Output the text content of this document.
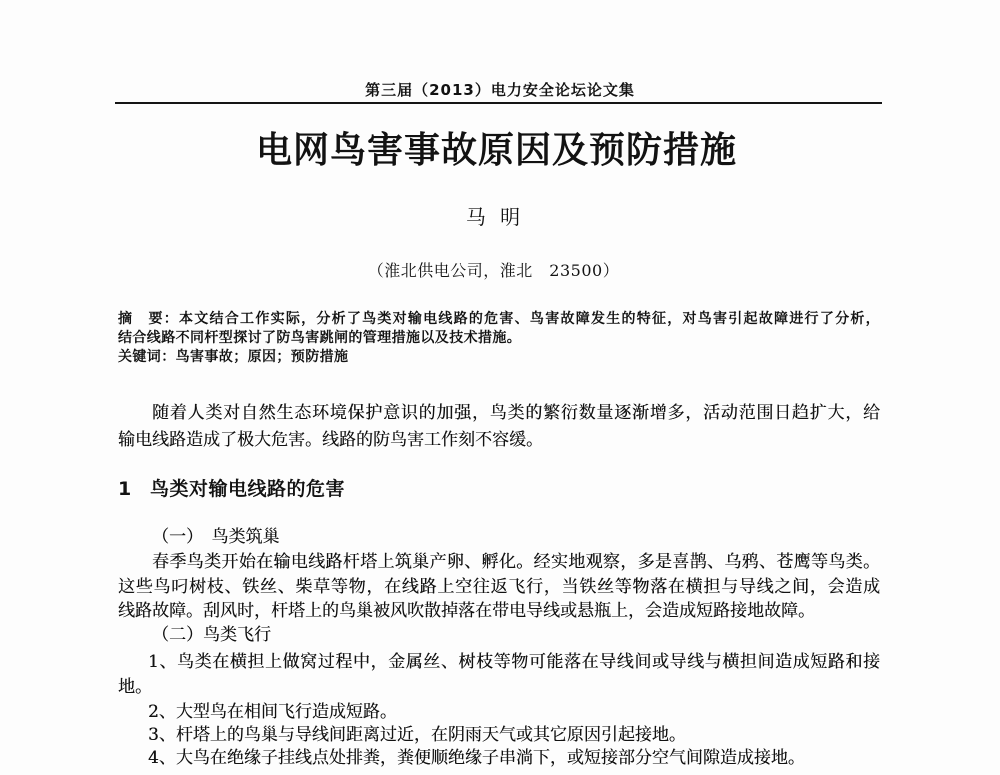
第三届（2013）电力安全论坛论文集
电网鸟害事故原因及预防措施
马 明
（淮北供电公司，淮北　23500）
摘　要：本文结合工作实际，分析了鸟类对输电线路的危害、鸟害故障发生的特征，对鸟害引起故障进行了分析，
结合线路不同杆型探讨了防鸟害跳闸的管理措施以及技术措施。
关键词：鸟害事故；原因；预防措施
随着人类对自然生态环境保护意识的加强，鸟类的繁衍数量逐渐增多，活动范围日趋扩大，给
输电线路造成了极大危害。线路的防鸟害工作刻不容缓。
1 鸟类对输电线路的危害
（一）　鸟类筑巢
春季鸟类开始在输电线路杆塔上筑巢产卵、孵化。经实地观察，多是喜鹊、乌鸦、苍鹰等鸟类。
这些鸟叼树枝、铁丝、柴草等物，在线路上空往返飞行，当铁丝等物落在横担与导线之间，会造成
线路故障。刮风时，杆塔上的鸟巢被风吹散掉落在带电导线或悬瓶上，会造成短路接地故障。
（二）鸟类飞行
1、鸟类在横担上做窝过程中，金属丝、树枝等物可能落在导线间或导线与横担间造成短路和接
地。
2、大型鸟在相间飞行造成短路。
3、杆塔上的鸟巢与导线间距离过近，在阴雨天气或其它原因引起接地。
4、大鸟在绝缘子挂线点处排粪，粪便顺绝缘子串淌下，或短接部分空气间隙造成接地。
